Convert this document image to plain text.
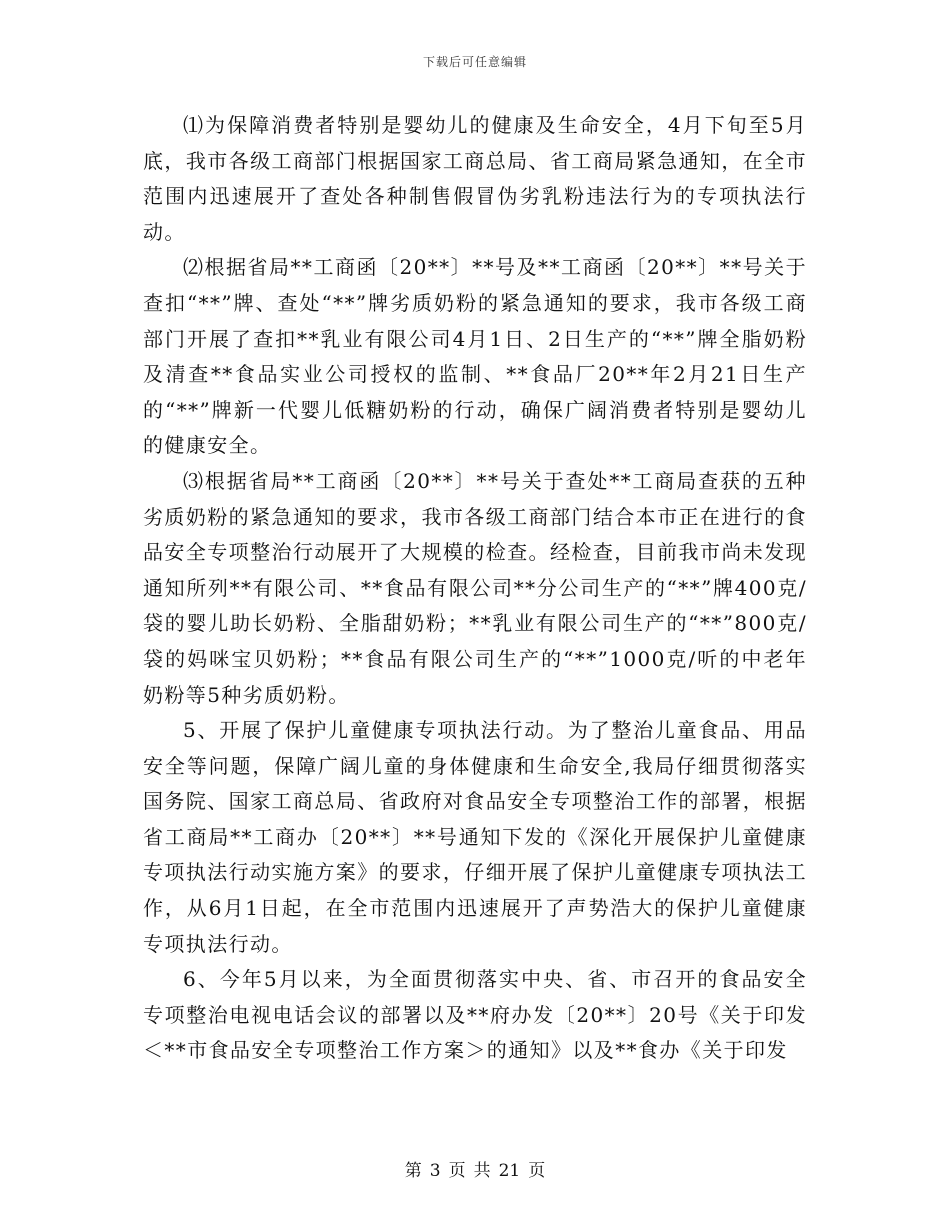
下载后可任意编辑

⑴为保障消费者特别是婴幼儿的健康及生命安全，4月下旬至5月底，我市各级工商部门根据国家工商总局、省工商局紧急通知，在全市范围内迅速展开了查处各种制售假冒伪劣乳粉违法行为的专项执法行动。

⑵根据省局**工商函〔20**〕**号及**工商函〔20**〕**号关于查扣“**”牌、查处“**”牌劣质奶粉的紧急通知的要求，我市各级工商部门开展了查扣**乳业有限公司4月1日、2日生产的“**”牌全脂奶粉及清查**食品实业公司授权的监制、**食品厂20**年2月21日生产的“**”牌新一代婴儿低糖奶粉的行动，确保广阔消费者特别是婴幼儿的健康安全。

⑶根据省局**工商函〔20**〕**号关于查处**工商局查获的五种劣质奶粉的紧急通知的要求，我市各级工商部门结合本市正在进行的食品安全专项整治行动展开了大规模的检查。经检查，目前我市尚未发现通知所列**有限公司、**食品有限公司**分公司生产的“**”牌400克/袋的婴儿助长奶粉、全脂甜奶粉；**乳业有限公司生产的“**”800克/袋的妈咪宝贝奶粉；**食品有限公司生产的“**”1000克/听的中老年奶粉等5种劣质奶粉。

5、开展了保护儿童健康专项执法行动。为了整治儿童食品、用品安全等问题，保障广阔儿童的身体健康和生命安全,我局仔细贯彻落实国务院、国家工商总局、省政府对食品安全专项整治工作的部署，根据省工商局**工商办〔20**〕**号通知下发的《深化开展保护儿童健康专项执法行动实施方案》的要求，仔细开展了保护儿童健康专项执法工作，从6月1日起，在全市范围内迅速展开了声势浩大的保护儿童健康专项执法行动。

6、今年5月以来，为全面贯彻落实中央、省、市召开的食品安全专项整治电视电话会议的部署以及**府办发〔20**〕20号《关于印发＜**市食品安全专项整治工作方案＞的通知》以及**食办《关于印发

第 3 页 共 21 页
